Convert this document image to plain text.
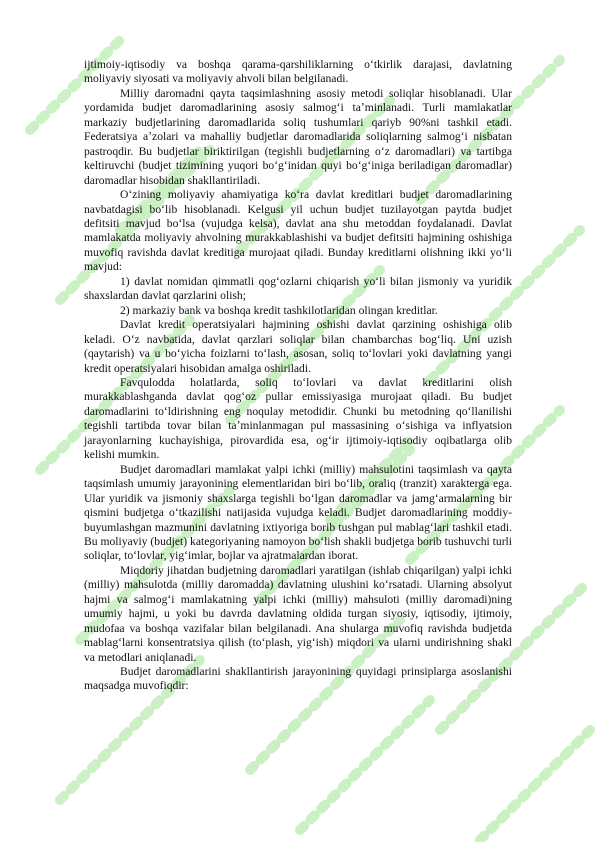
ijtimoiy-iqtisodiy va boshqa qarama-qarshiliklarning oʻtkirlik darajasi, davlatning moliyaviy siyosati va moliyaviy ahvoli bilan belgilanadi.

Milliy daromadni qayta taqsimlashning asosiy metodi soliqlar hisoblanadi. Ular yordamida budjet daromadlarining asosiy salmogʻi taʼminlanadi. Turli mamlakatlar markaziy budjetlarining daromadlarida soliq tushumlari qariyb 90%ni tashkil etadi. Federatsiya aʼzolari va mahalliy budjetlar daromadlarida soliqlarning salmogʻi nisbatan pastroqdir. Bu budjetlar biriktirilgan (tegishli budjetlarning oʻz daromadlari) va tartibga keltiruvchi (budjet tizimining yuqori boʻgʻinidan quyi boʻgʻiniga beriladigan daromadlar) daromadlar hisobidan shakllantiriladi.

Oʻzining moliyaviy ahamiyatiga koʻra davlat kreditlari budjet daromadlarining navbatdagisi boʻlib hisoblanadi. Kelgusi yil uchun budjet tuzilayotgan paytda budjet defitsiti mavjud boʻlsa (vujudga kelsa), davlat ana shu metoddan foydalanadi. Davlat mamlakatda moliyaviy ahvolning murakkablashishi va budjet defitsiti hajmining oshishiga muvofiq ravishda davlat kreditiga murojaat qiladi. Bunday kreditlarni olishning ikki yoʻli mavjud:

1) davlat nomidan qimmatli qogʻozlarni chiqarish yoʻli bilan jismoniy va yuridik shaxslardan davlat qarzlarini olish;

2) markaziy bank va boshqa kredit tashkilotlaridan olingan kreditlar.

Davlat kredit operatsiyalari hajmining oshishi davlat qarzining oshishiga olib keladi. Oʻz navbatida, davlat qarzlari soliqlar bilan chambarchas bogʻliq. Uni uzish (qaytarish) va u boʻyicha foizlarni toʻlash, asosan, soliq toʻlovlari yoki davlatning yangi kredit operatsiyalari hisobidan amalga oshiriladi.

Favqulodda holatlarda, soliq toʻlovlari va davlat kreditlarini olish murakkablashganda davlat qogʻoz pullar emissiyasiga murojaat qiladi. Bu budjet daromadlarini toʻldirishning eng noqulay metodidir. Chunki bu metodning qoʻllanilishi tegishli tartibda tovar bilan taʼminlanmagan pul massasining oʻsishiga va inflyatsion jarayonlarning kuchayishiga, pirovardida esa, ogʻir ijtimoiy-iqtisodiy oqibatlarga olib kelishi mumkin.

Budjet daromadlari mamlakat yalpi ichki (milliy) mahsulotini taqsimlash va qayta taqsimlash umumiy jarayonining elementlaridan biri boʻlib, oraliq (tranzit) xarakterga ega. Ular yuridik va jismoniy shaxslarga tegishli boʻlgan daromadlar va jamgʻarmalarning bir qismini budjetga oʻtkazilishi natijasida vujudga keladi. Budjet daromadlarining moddiy-buyumlashgan mazmunini davlatning ixtiyoriga borib tushgan pul mablagʻlari tashkil etadi. Bu moliyaviy (budjet) kategoriyaning namoyon boʻlish shakli budjetga borib tushuvchi turli soliqlar, toʻlovlar, yigʻimlar, bojlar va ajratmalardan iborat.

Miqdoriy jihatdan budjetning daromadlari yaratilgan (ishlab chiqarilgan) yalpi ichki (milliy) mahsulotda (milliy daromadda) davlatning ulushini koʻrsatadi. Ularning absolyut hajmi va salmogʻi mamlakatning yalpi ichki (milliy) mahsuloti (milliy daromadi)ning umumiy hajmi, u yoki bu davrda davlatning oldida turgan siyosiy, iqtisodiy, ijtimoiy, mudofaa va boshqa vazifalar bilan belgilanadi. Ana shularga muvofiq ravishda budjetda mablagʻlarni konsentratsiya qilish (toʻplash, yigʻish) miqdori va ularni undirishning shakl va metodlari aniqlanadi.

Budjet daromadlarini shakllantirish jarayonining quyidagi prinsiplarga asoslanishi maqsadga muvofiqdir:
